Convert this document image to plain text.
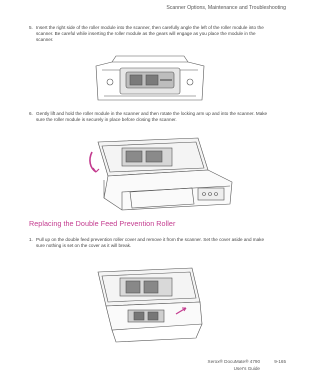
Scanner Options, Maintenance and Troubleshooting
5. Insert the right side of the roller module into the scanner, then carefully angle the left of the roller module into the scanner. Be careful while inserting the roller module as the gears will engage as you place the module in the scanner.
6. Gently lift and hold the roller module in the scanner and then rotate the locking arm up and into the scanner. Make sure the roller module is securely in place before closing the scanner.
Replacing the Double Feed Prevention Roller
1. Pull up on the double feed prevention roller cover and remove it from the scanner. Set the cover aside and make sure nothing is set on the cover as it will break.
Xerox® DocuMate® 4790	9-165
User's Guide
